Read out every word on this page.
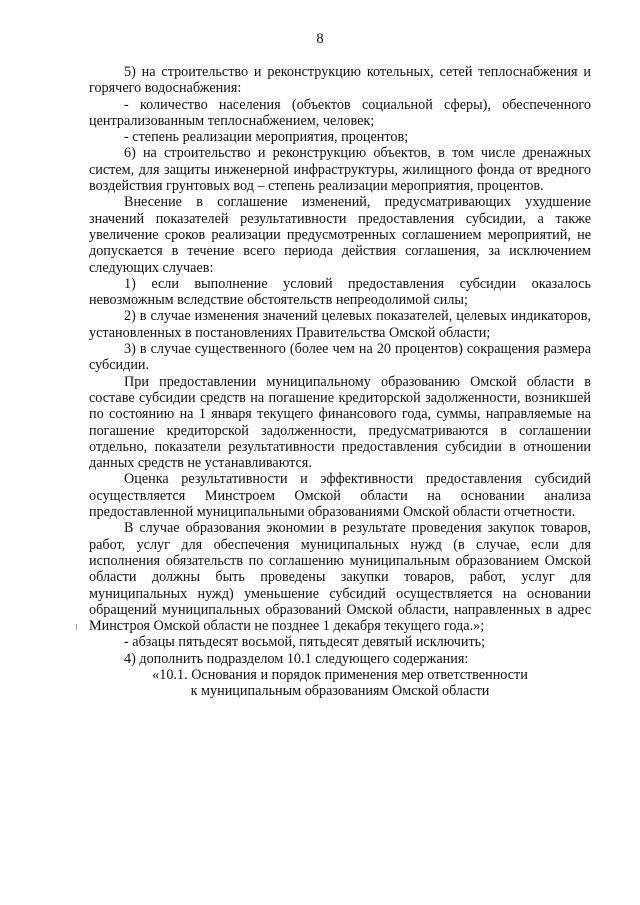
8

5) на строительство и реконструкцию котельных, сетей теплоснабжения и горячего водоснабжения:

- количество населения (объектов социальной сферы), обеспеченного централизованным теплоснабжением, человек;

- степень реализации мероприятия, процентов;

6) на строительство и реконструкцию объектов, в том числе дренажных систем, для защиты инженерной инфраструктуры, жилищного фонда от вредного воздействия грунтовых вод – степень реализации мероприятия, процентов.

Внесение в соглашение изменений, предусматривающих ухудшение значений показателей результативности предоставления субсидии, а также увеличение сроков реализации предусмотренных соглашением мероприятий, не допускается в течение всего периода действия соглашения, за исключением следующих случаев:

1) если выполнение условий предоставления субсидии оказалось невозможным вследствие обстоятельств непреодолимой силы;

2) в случае изменения значений целевых показателей, целевых индикаторов, установленных в постановлениях Правительства Омской области;

3) в случае существенного (более чем на 20 процентов) сокращения размера субсидии.

При предоставлении муниципальному образованию Омской области в составе субсидии средств на погашение кредиторской задолженности, возникшей по состоянию на 1 января текущего финансового года, суммы, направляемые на погашение кредиторской задолженности, предусматриваются в соглашении отдельно, показатели результативности предоставления субсидии в отношении данных средств не устанавливаются.

Оценка результативности и эффективности предоставления субсидий осуществляется Минстроем Омской области на основании анализа предоставленной муниципальными образованиями Омской области отчетности.

В случае образования экономии в результате проведения закупок товаров, работ, услуг для обеспечения муниципальных нужд (в случае, если для исполнения обязательств по соглашению муниципальным образованием Омской области должны быть проведены закупки товаров, работ, услуг для муниципальных нужд) уменьшение субсидий осуществляется на основании обращений муниципальных образований Омской области, направленных в адрес Минстроя Омской области не позднее 1 декабря текущего года.»;

- абзацы пятьдесят восьмой, пятьдесят девятый исключить;

4) дополнить подразделом 10.1 следующего содержания:

«10.1. Основания и порядок применения мер ответственности
к муниципальным образованиям Омской области
